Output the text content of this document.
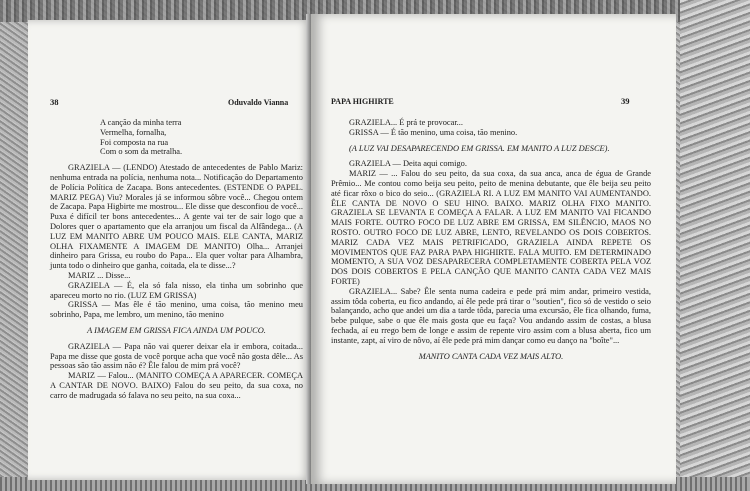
38	Oduvaldo Vianna

A canção da minha terra

Vermelha, fornalha,

Foi composta na rua

Com o som da metralha.

GRAZIELA — (LENDO) Atestado de antecedentes de Pablo Mariz: nenhuma entrada na polícia, nenhuma nota... Notificação do Departamento de Polícia Política de Zacapa. Bons antecedentes. (ESTENDE O PAPEL. MARIZ PEGA) Viu? Morales já se informou sôbre você... Chegou ontem de Zacapa. Papa Higbirte me mostrou... Ele disse que desconfiou de você... Puxa é difícil ter bons antecedentes... A gente vai ter de sair logo que a Dolores quer o apartamento que ela arranjou um fiscal da Alfândega... (A LUZ EM MANITO ABRE UM POUCO MAIS. ELE CANTA, MARIZ OLHA FIXAMENTE A IMAGEM DE MANITO) Olha... Arranjei dinheiro para Grissa, eu roubo do Papa... Ela quer voltar para Alhambra, junta todo o dinheiro que ganha, coitada, ela te disse...?

MARIZ ... Disse...

GRAZIELA — É, ela só fala nisso, ela tinha um sobrinho que apareceu morto no rio. (LUZ EM GRISSA)

GRISSA — Mas êle é tão menino, uma coisa, tão menino meu sobrinho, Papa, me lembro, um menino, tão menino

A IMAGEM EM GRISSA FICA AINDA UM POUCO.

GRAZIELA — Papa não vai querer deixar ela ir embora, coitada... Papa me disse que gosta de você porque acha que você não gosta dêle... As pessoas são tão assim não é? Êle falou de mim prá você?

MARIZ — Falou... (MANITO COMEÇA A APARECER. COMEÇA A CANTAR DE NOVO. BAIXO) Falou do seu peito, da sua coxa, no carro de madrugada só falava no seu peito, na sua coxa...

PAPA HIGHIRTE	39

GRAZIELA... É prá te provocar...

GRISSA — É tão menino, uma coisa, tão menino.

(A LUZ VAI DESAPARECENDO EM GRISSA. EM MANITO A LUZ DESCE).

GRAZIELA — Deita aqui comigo.

MARIZ — ... Falou do seu peito, da sua coxa, da sua anca, anca de égua de Grande Prêmio... Me contou como beija seu peito, peito de menina debutante, que êle beija seu peito até ficar rôxo o bico do seio... (GRAZIELA RI. A LUZ EM MANITO VAI AUMENTANDO. ÊLE CANTA DE NOVO O SEU HINO. BAIXO. MARIZ OLHA FIXO MANITO. GRAZIELA SE LEVANTA E COMEÇA A FALAR. A LUZ EM MANITO VAI FICANDO MAIS FORTE. OUTRO FOCO DE LUZ ABRE EM GRISSA, EM SILÊNCIO, MAOS NO ROSTO. OUTRO FOCO DE LUZ ABRE, LENTO, REVELANDO OS DOIS COBERTOS. MARIZ CADA VEZ MAIS PETRIFICADO, GRAZIELA AINDA REPETE OS MOVIMENTOS QUE FAZ PARA PAPA HIGHIRTE. FALA MUITO. EM DETERMINADO MOMENTO, A SUA VOZ DESAPARECERA COMPLETAMENTE COBERTA PELA VOZ DOS DOIS COBERTOS E PELA CANÇÃO QUE MANITO CANTA CADA VEZ MAIS FORTE)

GRAZIELA... Sabe? Êle senta numa cadeira e pede prá mim andar, primeiro vestida, assim tôda coberta, eu fico andando, aí êle pede prá tirar o "soutien", fico só de vestido o seio balançando, acho que andei um dia a tarde tôda, parecia uma excursão, êle fica olhando, fuma, bebe pulque, sabe o que êle mais gosta que eu faça? Vou andando assim de costas, a blusa fechada, aí eu rrego bem de longe e assim de repente viro assim com a blusa aberta, fico um instante, zapt, aí viro de nôvo, aí êle pede prá mim dançar como eu danço na "boîte"...

MANITO CANTA CADA VEZ MAIS ALTO.
